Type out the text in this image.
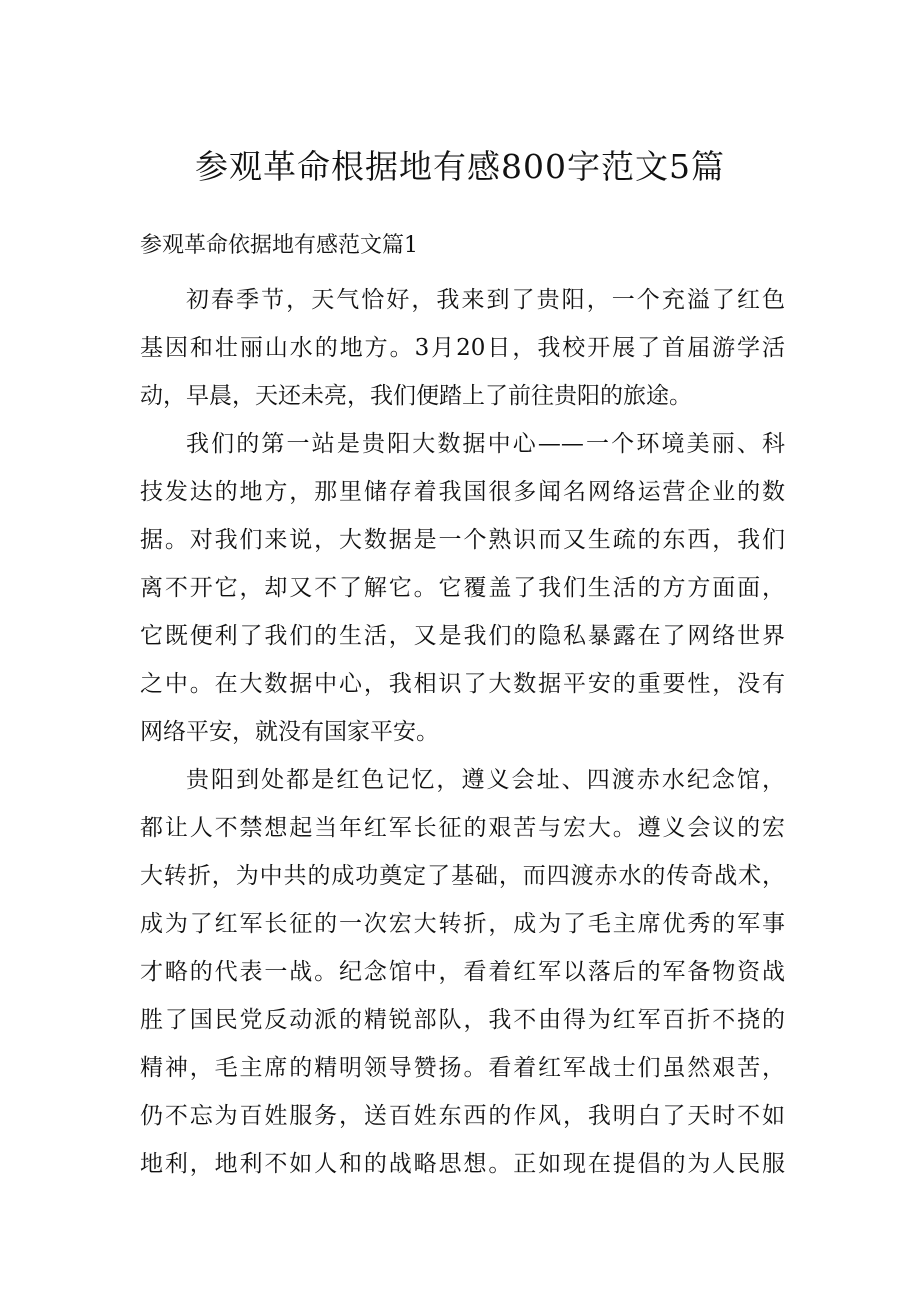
参观革命根据地有感800字范文5篇
参观革命依据地有感范文篇1

初春季节，天气恰好，我来到了贵阳，一个充溢了红色
基因和壮丽山水的地方。3月20日，我校开展了首届游学活
动，早晨，天还未亮，我们便踏上了前往贵阳的旅途。

我们的第一站是贵阳大数据中心——一个环境美丽、科
技发达的地方，那里储存着我国很多闻名网络运营企业的数
据。对我们来说，大数据是一个熟识而又生疏的东西，我们
离不开它，却又不了解它。它覆盖了我们生活的方方面面，
它既便利了我们的生活，又是我们的隐私暴露在了网络世界
之中。在大数据中心，我相识了大数据平安的重要性，没有
网络平安，就没有国家平安。

贵阳到处都是红色记忆，遵义会址、四渡赤水纪念馆，
都让人不禁想起当年红军长征的艰苦与宏大。遵义会议的宏
大转折，为中共的成功奠定了基础，而四渡赤水的传奇战术，
成为了红军长征的一次宏大转折，成为了毛主席优秀的军事
才略的代表一战。纪念馆中，看着红军以落后的军备物资战
胜了国民党反动派的精锐部队，我不由得为红军百折不挠的
精神，毛主席的精明领导赞扬。看着红军战士们虽然艰苦，
仍不忘为百姓服务，送百姓东西的作风，我明白了天时不如
地利，地利不如人和的战略思想。正如现在提倡的为人民服
